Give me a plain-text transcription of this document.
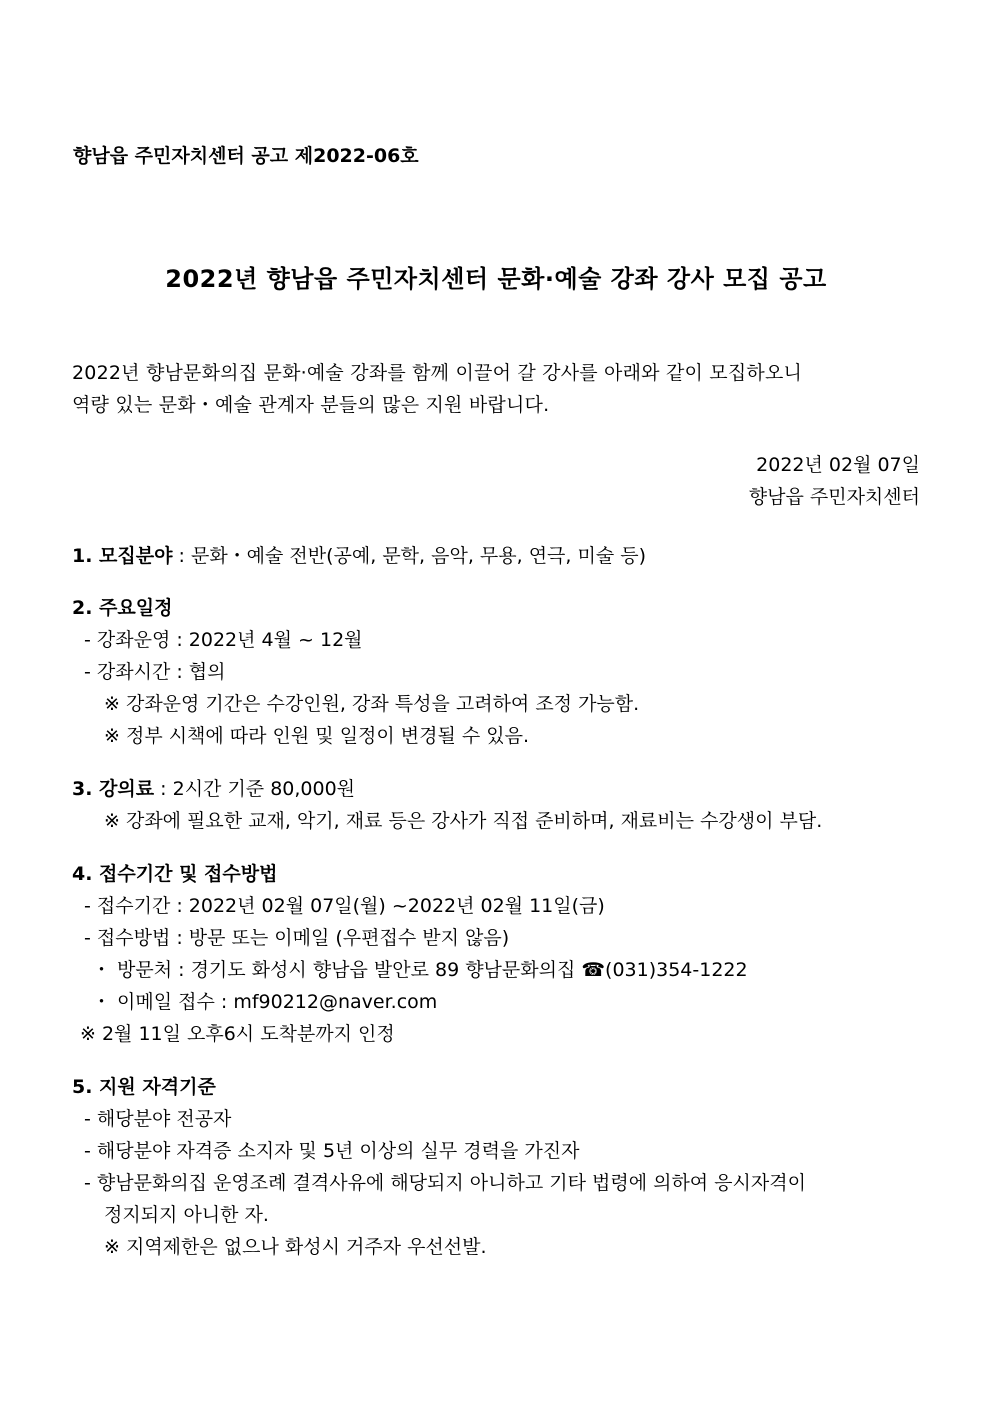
향남읍 주민자치센터 공고 제2022-06호
2022년 향남읍 주민자치센터 문화·예술 강좌 강사 모집 공고
2022년 향남문화의집 문화·예술 강좌를 함께 이끌어 갈 강사를 아래와 같이 모집하오니
역량 있는 문화・예술 관계자 분들의 많은 지원 바랍니다.
2022년 02월 07일
향남읍 주민자치센터
1. 모집분야 : 문화・예술 전반(공예, 문학, 음악, 무용, 연극, 미술 등)
2. 주요일정
- 강좌운영 : 2022년 4월 ~ 12월
- 강좌시간 : 협의
※ 강좌운영 기간은 수강인원, 강좌 특성을 고려하여 조정 가능함.
※ 정부 시책에 따라 인원 및 일정이 변경될 수 있음.
3. 강의료 : 2시간 기준 80,000원
※ 강좌에 필요한 교재, 악기, 재료 등은 강사가 직접 준비하며, 재료비는 수강생이 부담.
4. 접수기간 및 접수방법
- 접수기간 : 2022년 02월 07일(월) ~2022년 02월 11일(금)
- 접수방법 : 방문 또는 이메일 (우편접수 받지 않음)
・ 방문처 : 경기도 화성시 향남읍 발안로 89 향남문화의집 ☎(031)354-1222
・ 이메일 접수 : mf90212@naver.com
※ 2월 11일 오후6시 도착분까지 인정
5. 지원 자격기준
- 해당분야 전공자
- 해당분야 자격증 소지자 및 5년 이상의 실무 경력을 가진자
- 향남문화의집 운영조례 결격사유에 해당되지 아니하고 기타 법령에 의하여 응시자격이
정지되지 아니한 자.
※ 지역제한은 없으나 화성시 거주자 우선선발.
